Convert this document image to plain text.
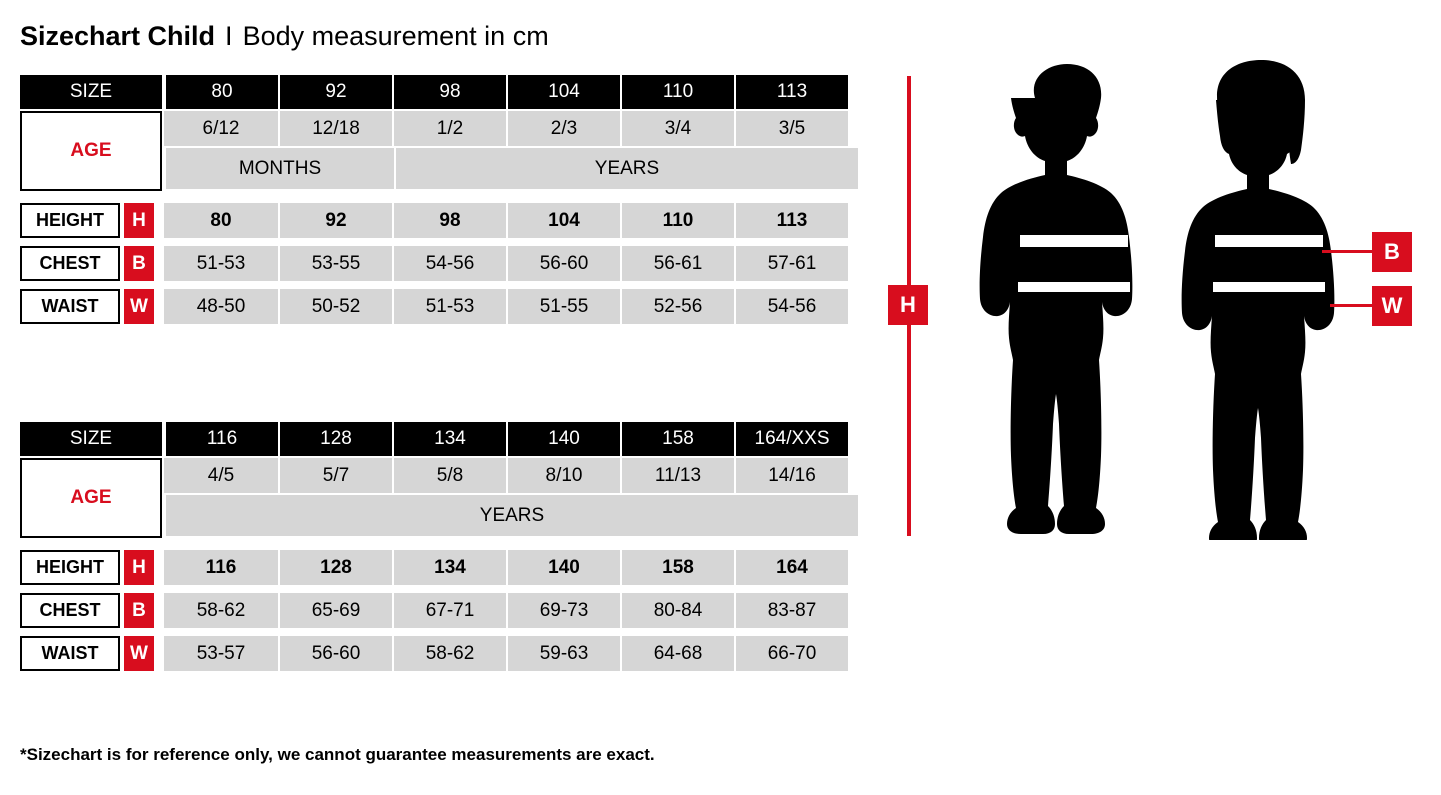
Sizechart Child I Body measurement in cm
SIZE	80	92	98	104	110	113
AGE
6/12	12/18	1/2	2/3	3/4	3/5
MONTHS	YEARS
HEIGHT	H	80	92	98	104	110	113
CHEST	B	51-53	53-55	54-56	56-60	56-61	57-61
WAIST	W	48-50	50-52	51-53	51-55	52-56	54-56
SIZE	116	128	134	140	158	164/XXS
AGE
4/5	5/7	5/8	8/10	11/13	14/16
YEARS
HEIGHT	H	116	128	134	140	158	164
CHEST	B	58-62	65-69	67-71	69-73	80-84	83-87
WAIST	W	53-57	56-60	58-62	59-63	64-68	66-70
H
B
W
*Sizechart is for reference only, we cannot guarantee measurements are exact.
